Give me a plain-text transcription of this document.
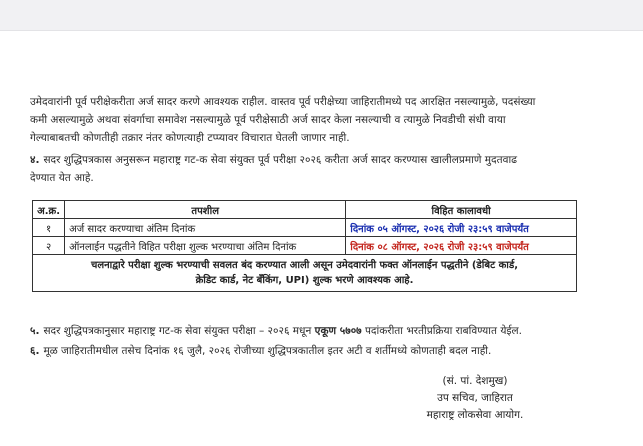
उमेदवारांनी पूर्व परीक्षेकरीता अर्ज सादर करणे आवश्यक राहील. वास्तव पूर्व परीक्षेच्या जाहिरातीमध्ये पद आरक्षित नसल्यामुळे, पदसंख्या
कमी असल्यामुळे अथवा संवर्गाचा समावेश नसल्यामुळे पूर्व परीक्षेसाठी अर्ज सादर केला नसल्याची व त्यामुळे निवडीची संधी वाया
गेल्याबाबतची कोणतीही तक्रार नंतर कोणत्याही टप्प्यावर विचारात घेतली जाणार नाही.
४. सदर शुद्धिपत्रकास अनुसरून महाराष्ट्र गट-क सेवा संयुक्त पूर्व परीक्षा २०२६ करीता अर्ज सादर करण्यास खालीलप्रमाणे मुदतवाढ
देण्यात येत आहे.
अ.क्र.	तपशील	विहित कालावधी
१	अर्ज सादर करण्याचा अंतिम दिनांक	दिनांक ०५ ऑगस्ट, २०२६ रोजी २३:५९ वाजेपर्यंत
२	ऑनलाईन पद्धतीने विहित परीक्षा शुल्क भरण्याचा अंतिम दिनांक	दिनांक ०८ ऑगस्ट, २०२६ रोजी २३:५९ वाजेपर्यंत
चलनाद्वारे परीक्षा शुल्क भरण्याची सवलत बंद करण्यात आली असून उमेदवारांनी फक्त ऑनलाईन पद्धतीने (डेबिट कार्ड,
क्रेडिट कार्ड, नेट बँकिंग, UPI) शुल्क भरणे आवश्यक आहे.		
५. सदर शुद्धिपत्रकानुसार महाराष्ट्र गट-क सेवा संयुक्त परीक्षा – २०२६ मधून एकूण ५७०७ पदांकरीता भरतीप्रक्रिया राबविण्यात येईल.
६. मूळ जाहिरातीमधील तसेच दिनांक १६ जुलै, २०२६ रोजीच्या शुद्धिपत्रकातील इतर अटी व शर्तीमध्ये कोणताही बदल नाही.
(सं. पां. देशमुख)
उप सचिव, जाहिरात
महाराष्ट्र लोकसेवा आयोग.
